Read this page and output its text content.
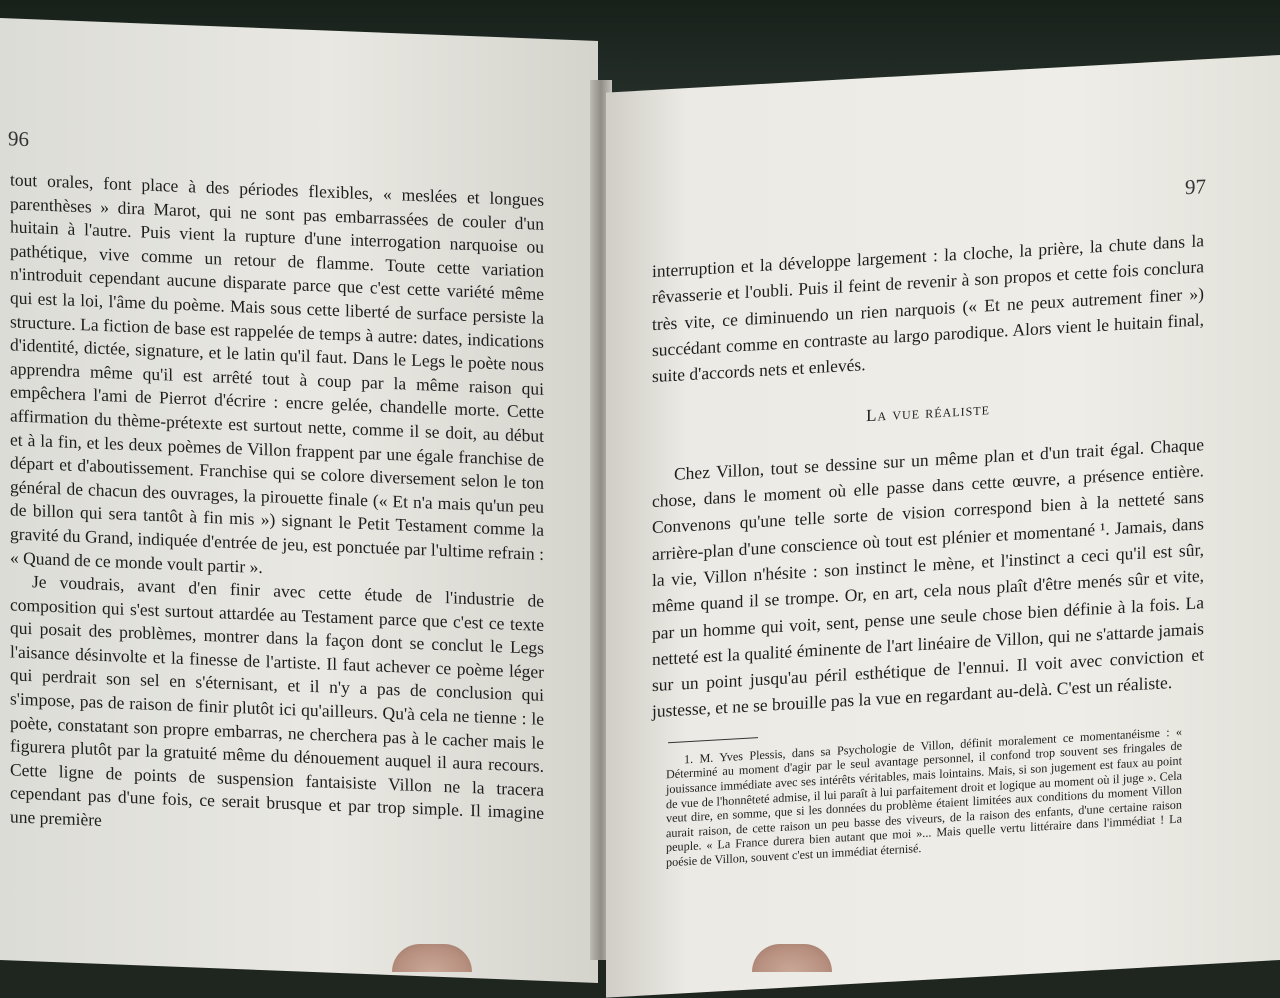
96

tout orales, font place à des périodes flexibles, « meslées et longues parenthèses » dira Marot, qui ne sont pas embarrassées de couler d'un huitain à l'autre. Puis vient la rupture d'une interrogation narquoise ou pathétique, vive comme un retour de flamme. Toute cette variation n'introduit cependant aucune disparate parce que c'est cette variété même qui est la loi, l'âme du poème. Mais sous cette liberté de surface persiste la structure. La fiction de base est rappelée de temps à autre: dates, indications d'identité, dictée, signature, et le latin qu'il faut. Dans le Legs le poète nous apprendra même qu'il est arrêté tout à coup par la même raison qui empêchera l'ami de Pierrot d'écrire : encre gelée, chandelle morte. Cette affirmation du thème-prétexte est surtout nette, comme il se doit, au début et à la fin, et les deux poèmes de Villon frappent par une égale franchise de départ et d'aboutissement. Franchise qui se colore diversement selon le ton général de chacun des ouvrages, la pirouette finale (« Et n'a mais qu'un peu de billon qui sera tantôt à fin mis ») signant le Petit Testament comme la gravité du Grand, indiquée d'entrée de jeu, est ponctuée par l'ultime refrain : « Quand de ce monde voult partir ».

Je voudrais, avant d'en finir avec cette étude de l'industrie de composition qui s'est surtout attardée au Testament parce que c'est ce texte qui posait des problèmes, montrer dans la façon dont se conclut le Legs l'aisance désinvolte et la finesse de l'artiste. Il faut achever ce poème léger qui perdrait son sel en s'éternisant, et il n'y a pas de conclusion qui s'impose, pas de raison de finir plutôt ici qu'ailleurs. Qu'à cela ne tienne : le poète, constatant son propre embarras, ne cherchera pas à le cacher mais le figurera plutôt par la gratuité même du dénouement auquel il aura recours. Cette ligne de points de suspension fantaisiste Villon ne la tracera cependant pas d'une fois, ce serait brusque et par trop simple. Il imagine une première

97

interruption et la développe largement : la cloche, la prière, la chute dans la rêvasserie et l'oubli. Puis il feint de revenir à son propos et cette fois conclura très vite, ce diminuendo un rien narquois (« Et ne peux autrement finer ») succédant comme en contraste au largo parodique. Alors vient le huitain final, suite d'accords nets et enlevés.

La vue réaliste

Chez Villon, tout se dessine sur un même plan et d'un trait égal. Chaque chose, dans le moment où elle passe dans cette œuvre, a présence entière. Convenons qu'une telle sorte de vision correspond bien à la netteté sans arrière-plan d'une conscience où tout est plénier et momentané ¹. Jamais, dans la vie, Villon n'hésite : son instinct le mène, et l'instinct a ceci qu'il est sûr, même quand il se trompe. Or, en art, cela nous plaît d'être menés sûr et vite, par un homme qui voit, sent, pense une seule chose bien définie à la fois. La netteté est la qualité éminente de l'art linéaire de Villon, qui ne s'attarde jamais sur un point jusqu'au péril esthétique de l'ennui. Il voit avec conviction et justesse, et ne se brouille pas la vue en regardant au-delà. C'est un réaliste.

1. M. Yves Plessis, dans sa Psychologie de Villon, définit moralement ce momentanéisme : « Déterminé au moment d'agir par le seul avantage personnel, il confond trop souvent ses fringales de jouissance immédiate avec ses intérêts véritables, mais lointains. Mais, si son jugement est faux au point de vue de l'honnêteté admise, il lui paraît à lui parfaitement droit et logique au moment où il juge ». Cela veut dire, en somme, que si les données du problème étaient limitées aux conditions du moment Villon aurait raison, de cette raison un peu basse des viveurs, de la raison des enfants, d'une certaine raison peuple. « La France durera bien autant que moi »... Mais quelle vertu littéraire dans l'immédiat ! La poésie de Villon, souvent c'est un immédiat éternisé.
